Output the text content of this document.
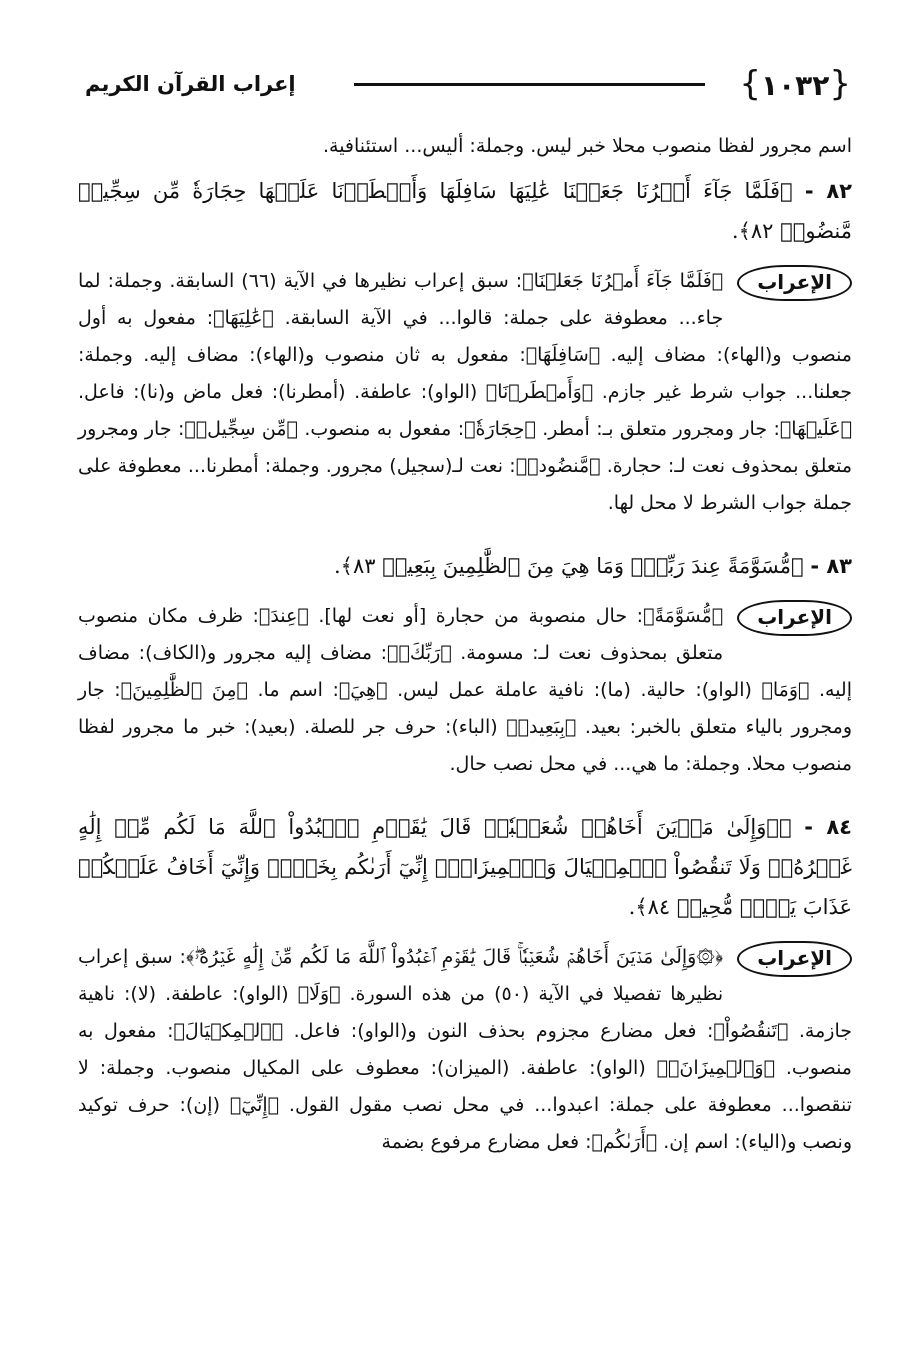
{١٠٣٢}
إعراب القرآن الكريم

اسم مجرور لفظا منصوب محلا خبر ليس. وجملة: أليس... استئنافية.

٨٢ - ﴿فَلَمَّا جَآءَ أَمۡرُنَا جَعَلۡنَا عَٰلِيَهَا سَافِلَهَا وَأَمۡطَرۡنَا عَلَيۡهَا حِجَارَةٗ مِّن سِجِّيلٖ مَّنضُودٖ ٨٢﴾.

الإعراب
﴿فَلَمَّا جَآءَ أَمۡرُنَا جَعَلۡنَا﴾: سبق إعراب نظيرها في الآية (٦٦) السابقة. وجملة: لما جاء... معطوفة على جملة: قالوا... في الآية السابقة. ﴿عَٰلِيَهَا﴾: مفعول به أول منصوب و(الهاء): مضاف إليه. ﴿سَافِلَهَا﴾: مفعول به ثان منصوب و(الهاء): مضاف إليه. وجملة: جعلنا... جواب شرط غير جازم. ﴿وَأَمۡطَرۡنَا﴾ (الواو): عاطفة. (أمطرنا): فعل ماض و(نا): فاعل. ﴿عَلَيۡهَا﴾: جار ومجرور متعلق بـ: أمطر. ﴿حِجَارَةٗ﴾: مفعول به منصوب. ﴿مِّن سِجِّيلٖ﴾: جار ومجرور متعلق بمحذوف نعت لـ: حجارة. ﴿مَّنضُودٖ﴾: نعت لـ(سجيل) مجرور. وجملة: أمطرنا... معطوفة على جملة جواب الشرط لا محل لها.

٨٣ - ﴿مُّسَوَّمَةً عِندَ رَبِّكَۖ وَمَا هِيَ مِنَ ٱلظَّٰلِمِينَ بِبَعِيدٖ ٨٣﴾.

الإعراب
﴿مُّسَوَّمَةً﴾: حال منصوبة من حجارة [أو نعت لها]. ﴿عِندَ﴾: ظرف مكان منصوب متعلق بمحذوف نعت لـ: مسومة. ﴿رَبِّكَۖ﴾: مضاف إليه مجرور و(الكاف): مضاف إليه. ﴿وَمَا﴾ (الواو): حالية. (ما): نافية عاملة عمل ليس. ﴿هِيَ﴾: اسم ما. ﴿مِنَ ٱلظَّٰلِمِينَ﴾: جار ومجرور بالياء متعلق بالخبر: بعيد. ﴿بِبَعِيدٖ﴾ (الباء): حرف جر للصلة. (بعيد): خبر ما مجرور لفظا منصوب محلا. وجملة: ما هي... في محل نصب حال.

٨٤ - ﴿۞وَإِلَىٰ مَدۡيَنَ أَخَاهُمۡ شُعَيۡبٗاۚ قَالَ يَٰقَوۡمِ ٱعۡبُدُواْ ٱللَّهَ مَا لَكُم مِّنۡ إِلَٰهٍ غَيۡرُهُۥۖ وَلَا تَنقُصُواْ ٱلۡمِكۡيَالَ وَٱلۡمِيزَانَۖ إِنِّيٓ أَرَىٰكُم بِخَيۡرٖ وَإِنِّيٓ أَخَافُ عَلَيۡكُمۡ عَذَابَ يَوۡمٖ مُّحِيطٖ ٨٤﴾.

الإعراب
﴿۞وَإِلَىٰ مَدۡيَنَ أَخَاهُمۡ شُعَيۡبٗاۚ قَالَ يَٰقَوۡمِ ٱعۡبُدُواْ ٱللَّهَ مَا لَكُم مِّنۡ إِلَٰهٍ غَيۡرُهُۥۖ﴾: سبق إعراب نظيرها تفصيلا في الآية (٥٠) من هذه السورة. ﴿وَلَا﴾ (الواو): عاطفة. (لا): ناهية جازمة. ﴿تَنقُصُواْ﴾: فعل مضارع مجزوم بحذف النون و(الواو): فاعل. ﴿ٱلۡمِكۡيَالَ﴾: مفعول به منصوب. ﴿وَٱلۡمِيزَانَۖ﴾ (الواو): عاطفة. (الميزان): معطوف على المكيال منصوب. وجملة: لا تنقصوا... معطوفة على جملة: اعبدوا... في محل نصب مقول القول. ﴿إِنِّيٓ﴾ (إن): حرف توكيد ونصب و(الياء): اسم إن. ﴿أَرَىٰكُم﴾: فعل مضارع مرفوع بضمة
